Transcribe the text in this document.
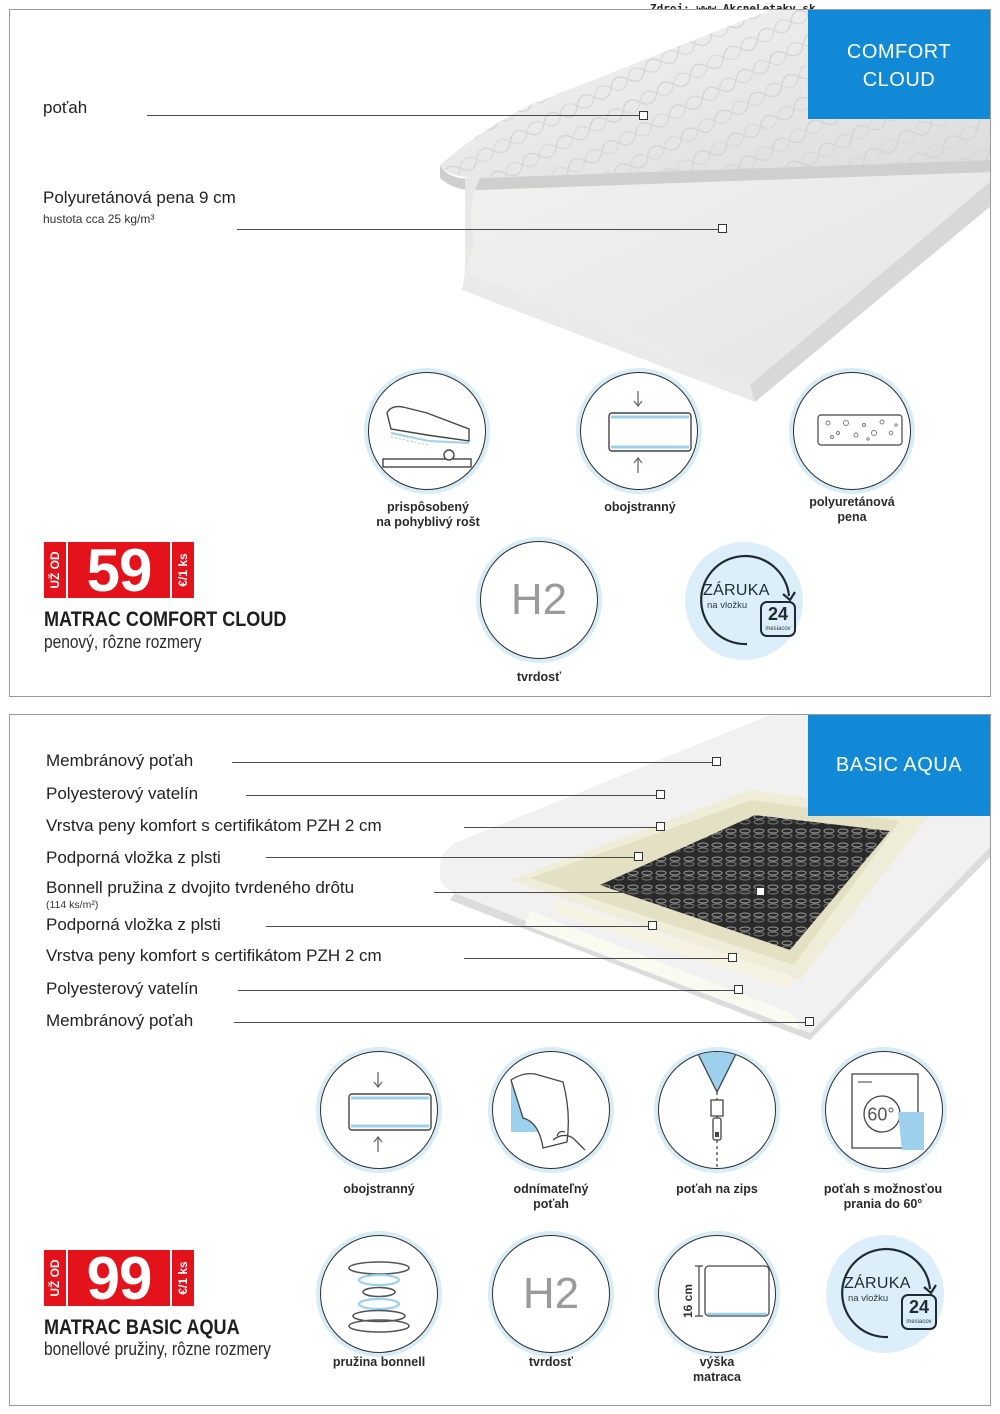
COMFORT
CLOUD
poťah
Polyuretánová pena 9 cm
hustota cca 25 kg/m³
prispôsobený
na pohyblivý rošt
obojstranný	polyuretánová
pena
H2
tvrdosť
ZÁRUKA
na vložku 24
mesiacov
UŽ OD 59	€/1 ks
MATRAC COMFORT CLOUD
penový, rôzne rozmery
BASIC AQUA
Membránový poťah
Polyesterový vatelín
Vrstva peny komfort s certifikátom PZH 2 cm
Podporná vložka z plsti
Bonnell pružina z dvojito tvrdeného drôtu
(114 ks/m²)
Podporná vložka z plsti
Vrstva peny komfort s certifikátom PZH 2 cm
Polyesterový vatelín
Membránový poťah
obojstranný	odnímateľný
poťah
poťah na zips
60°
poťah s možnosťou
prania do 60°
pružina bonnell
H2
tvrdosť
16 cm
výška
matraca
ZÁRUKA
na vložku 24
mesiacov
UŽ OD 99	€/1 ks
MATRAC BASIC AQUA
bonellové pružiny, rôzne rozmery
